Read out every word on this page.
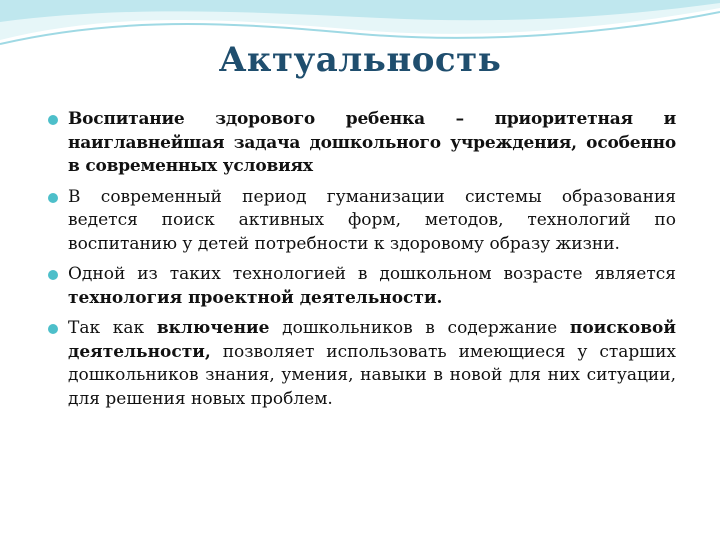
Актуальность
Воспитание здорового ребенка – приоритетная и наиглавнейшая задача дошкольного учреждения, особенно в современных условиях
В современный период гуманизации системы образования ведется поиск активных форм, методов, технологий по воспитанию у детей потребности к здоровому образу жизни.
Одной из таких технологией в дошкольном возрасте является технология проектной деятельности.
Так как включение дошкольников в содержание поисковой деятельности, позволяет использовать имеющиеся у старших дошкольников знания, умения, навыки в новой для них ситуации, для решения новых проблем.
